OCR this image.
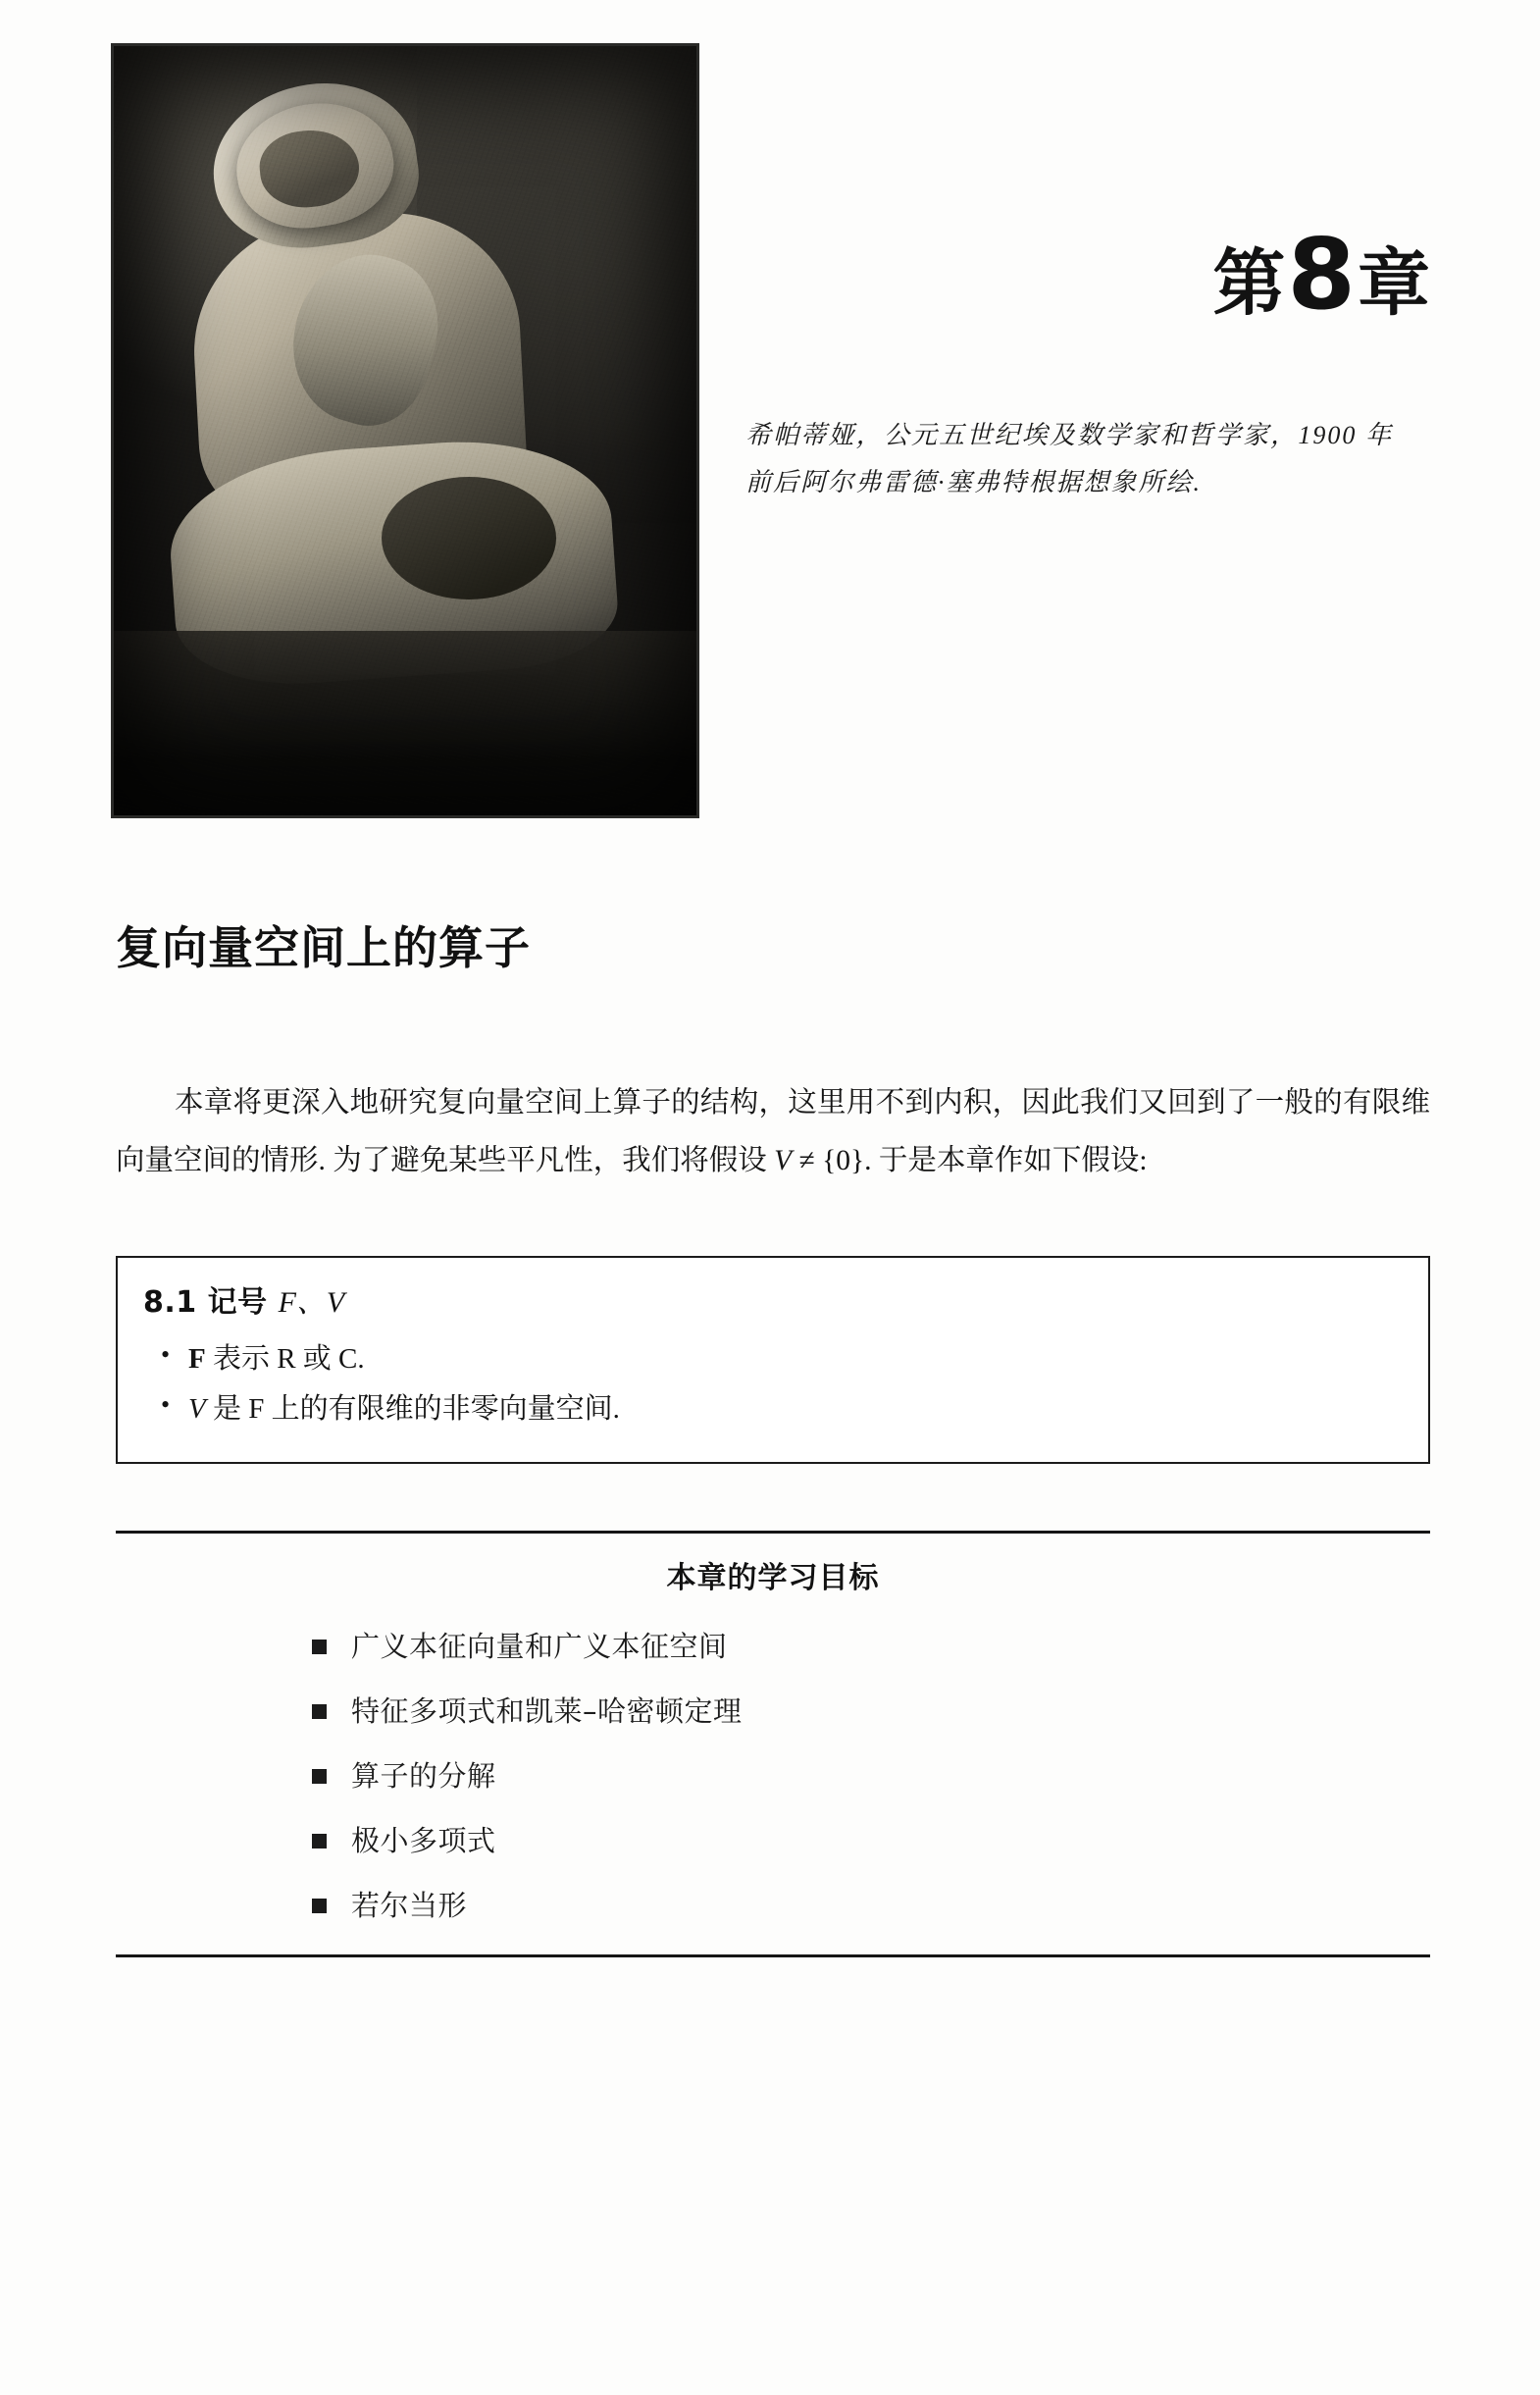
第8章
希帕蒂娅，公元五世纪埃及数学家和哲学家，1900 年前后阿尔弗雷德·塞弗特根据想象所绘.
复向量空间上的算子
本章将更深入地研究复向量空间上算子的结构，这里用不到内积，因此我们又回到了一般的有限维向量空间的情形. 为了避免某些平凡性，我们将假设 V ≠ {0}. 于是本章作如下假设:
8.1 记号 F、V
• F 表示 R 或 C.
• V 是 F 上的有限维的非零向量空间.
本章的学习目标
广义本征向量和广义本征空间
特征多项式和凯莱–哈密顿定理
算子的分解
极小多项式
若尔当形
